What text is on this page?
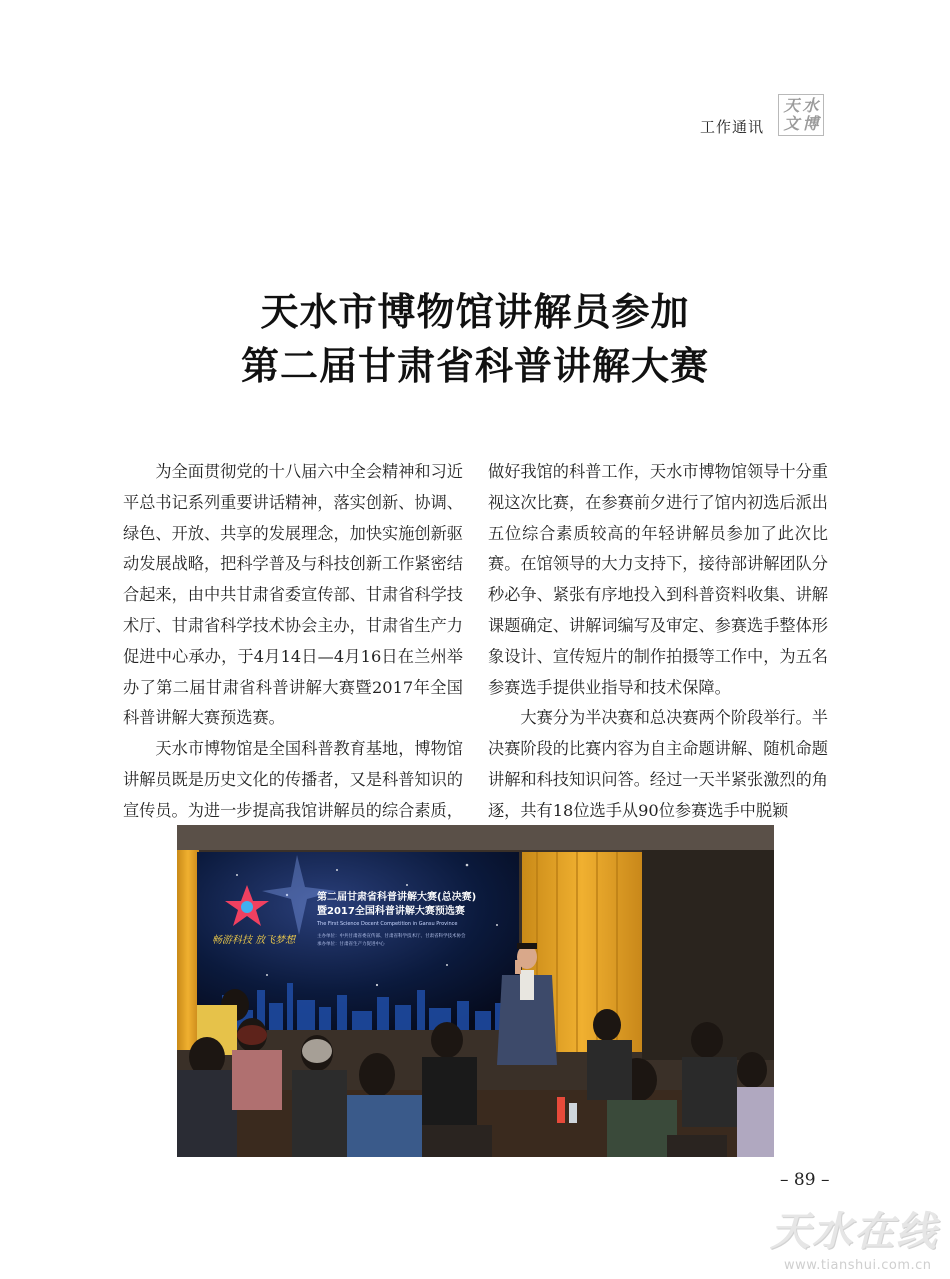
工作通讯
天 水
文 博
天水市博物馆讲解员参加
第二届甘肃省科普讲解大赛

为全面贯彻党的十八届六中全会精神和习近平总书记系列重要讲话精神，落实创新、协调、绿色、开放、共享的发展理念，加快实施创新驱动发展战略，把科学普及与科技创新工作紧密结合起来，由中共甘肃省委宣传部、甘肃省科学技术厅、甘肃省科学技术协会主办，甘肃省生产力促进中心承办，于4月14日—4月16日在兰州举办了第二届甘肃省科普讲解大赛暨2017年全国科普讲解大赛预选赛。

天水市博物馆是全国科普教育基地，博物馆讲解员既是历史文化的传播者，又是科普知识的宣传员。为进一步提高我馆讲解员的综合素质，

做好我馆的科普工作，天水市博物馆领导十分重视这次比赛，在参赛前夕进行了馆内初选后派出五位综合素质较高的年轻讲解员参加了此次比赛。在馆领导的大力支持下，接待部讲解团队分秒必争、紧张有序地投入到科普资料收集、讲解课题确定、讲解词编写及审定、参赛选手整体形象设计、宣传短片的制作拍摄等工作中，为五名参赛选手提供业指导和技术保障。

大赛分为半决赛和总决赛两个阶段举行。半决赛阶段的比赛内容为自主命题讲解、随机命题讲解和科技知识问答。经过一天半紧张激烈的角逐，共有18位选手从90位参赛选手中脱颖

第二届甘肃省科普讲解大赛(总决赛)
暨2017全国科普讲解大赛预选赛
The First Science Docent Competition in Gansu Province
主办单位：中共甘肃省委宣传部、甘肃省科学技术厅、甘肃省科学技术协会
承办单位：甘肃省生产力促进中心
畅游科技 放飞梦想
– 89 –
天水在线
www.tianshui.com.cn
